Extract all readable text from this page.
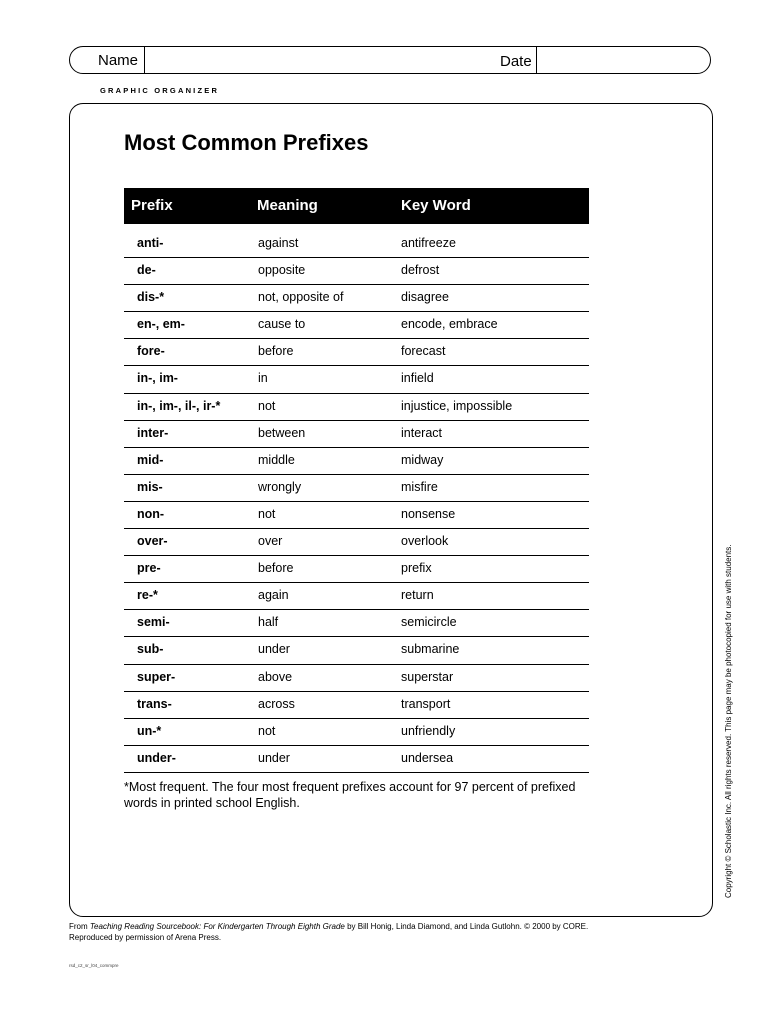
Name	Date
GRAPHIC ORGANIZER
Most Common Prefixes
Prefix	Meaning	Key Word
anti-	against	antifreeze
de-	opposite	defrost
dis-*	not, opposite of	disagree
en-, em-	cause to	encode, embrace
fore-	before	forecast
in-, im-	in	infield
in-, im-, il-, ir-*	not	injustice, impossible
inter-	between	interact
mid-	middle	midway
mis-	wrongly	misfire
non-	not	nonsense
over-	over	overlook
pre-	before	prefix
re-*	again	return
semi-	half	semicircle
sub-	under	submarine
super-	above	superstar
trans-	across	transport
un-*	not	unfriendly
under-	under	undersea

*Most frequent. The four most frequent prefixes account for 97 percent of prefixed words in printed school English.	Copyright © Scholastic Inc. All rights reserved. This page may be photocopied for use with students.
From Teaching Reading Sourcebook: For Kindergarten Through Eighth Grade by Bill Honig, Linda Diamond, and Linda Gutlohn. © 2000 by CORE.
Reproduced by permission of Arena Press.
rsd_c2_sr_l04_commpre
